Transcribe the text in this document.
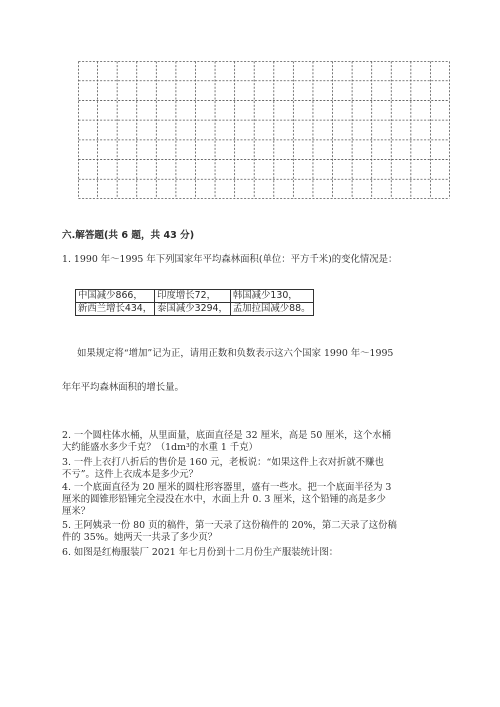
六.解答题(共 6 题，共 43 分)
1. 1990 年～1995 年下列国家年平均森林面积(单位：平方千米)的变化情况是：
中国减少866，	印度增长72，	韩国减少130，
新西兰增长434，	泰国减少3294，	孟加拉国减少88。
如果规定将“增加”记为正，请用正数和负数表示这六个国家 1990 年～1995
年年平均森林面积的增长量。
2. 一个圆柱体水桶，从里面量，底面直径是 32 厘米，高是 50 厘米，这个水桶
大约能盛水多少千克？（1dm³的水重 1 千克）
3. 一件上衣打八折后的售价是 160 元，老板说：“如果这件上衣对折就不赚也
不亏”。这件上衣成本是多少元？
4. 一个底面直径为 20 厘米的圆柱形容器里，盛有一些水。把一个底面半径为 3
厘米的圆锥形铅锤完全浸没在水中，水面上升 0. 3 厘米，这个铅锤的高是多少
厘米？
5. 王阿姨录一份 80 页的稿件，第一天录了这份稿件的 20%，第二天录了这份稿
件的 35%。她两天一共录了多少页？
6. 如图是红梅服装厂 2021 年七月份到十二月份生产服装统计图：
